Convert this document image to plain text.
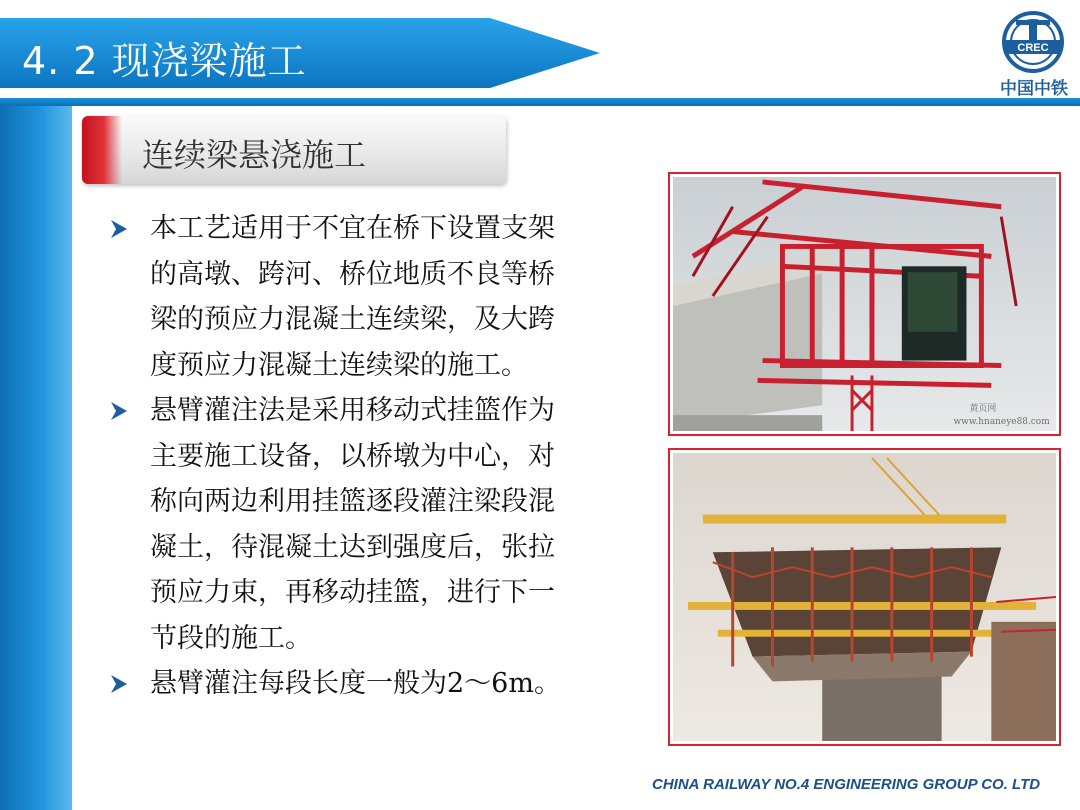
4. 2 现浇梁施工	CREC
中国中铁
连续梁悬浇施工
本工艺适用于不宜在桥下设置支架
的高墩、跨河、桥位地质不良等桥
梁的预应力混凝土连续梁，及大跨
度预应力混凝土连续梁的施工。
悬臂灌注法是采用移动式挂篮作为
主要施工设备，以桥墩为中心，对
称向两边利用挂篮逐段灌注梁段混
凝土，待混凝土达到强度后，张拉
预应力束，再移动挂篮，进行下一
节段的施工。
悬臂灌注每段长度一般为2～6m。
黄页网
www.hnaneye88.com
CHINA RAILWAY NO.4 ENGINEERING GROUP CO. LTD
